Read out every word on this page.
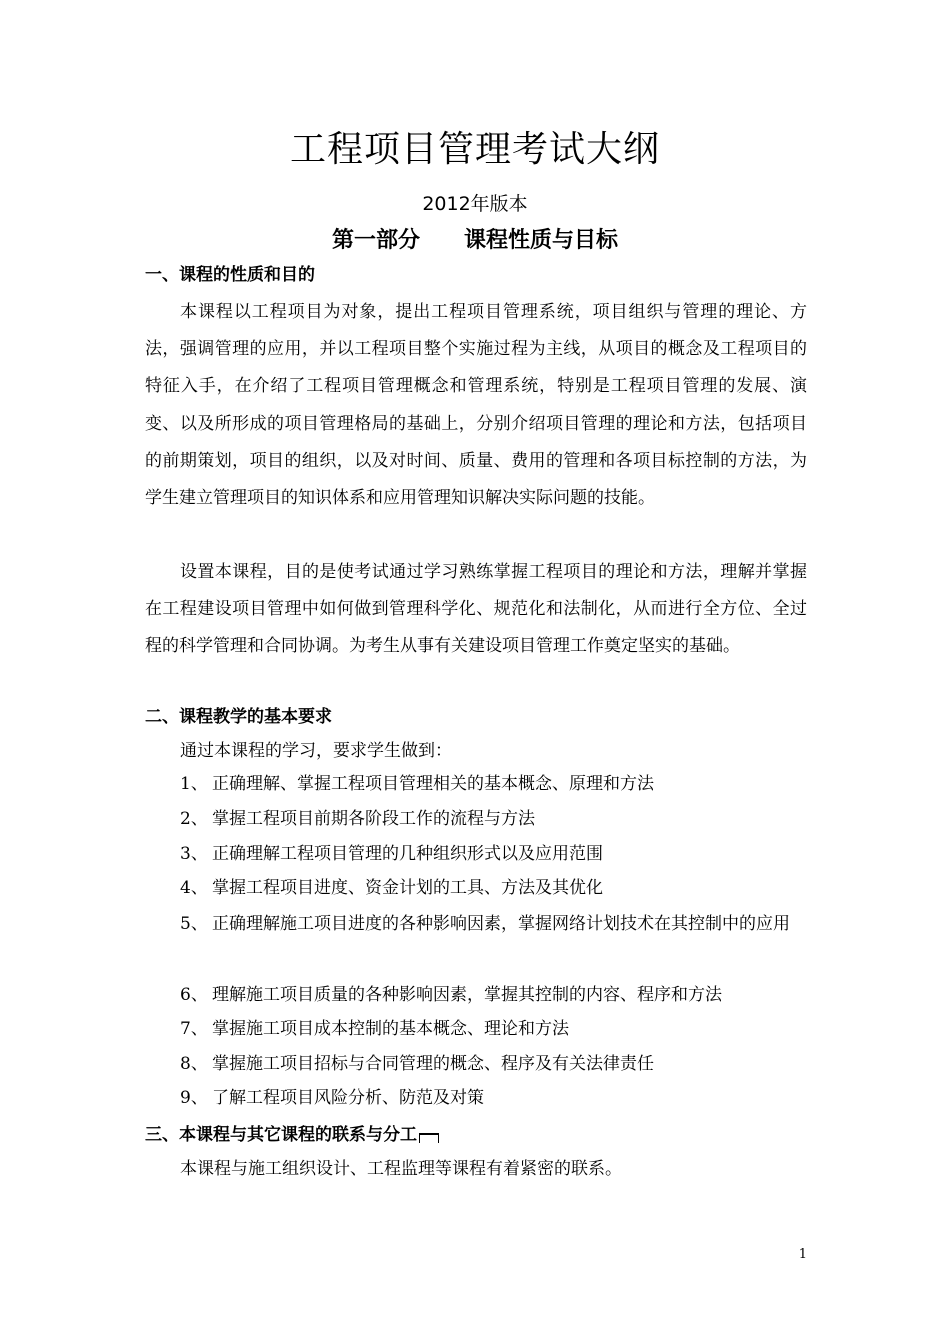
工程项目管理考试大纲
2012年版本
第一部分　　课程性质与目标
一、课程的性质和目的

本课程以工程项目为对象，提出工程项目管理系统，项目组织与管理的理论、方法，强调管理的应用，并以工程项目整个实施过程为主线，从项目的概念及工程项目的特征入手，在介绍了工程项目管理概念和管理系统，特别是工程项目管理的发展、演变、以及所形成的项目管理格局的基础上，分别介绍项目管理的理论和方法，包括项目的前期策划，项目的组织，以及对时间、质量、费用的管理和各项目标控制的方法，为学生建立管理项目的知识体系和应用管理知识解决实际问题的技能。

设置本课程，目的是使考试通过学习熟练掌握工程项目的理论和方法，理解并掌握在工程建设项目管理中如何做到管理科学化、规范化和法制化，从而进行全方位、全过程的科学管理和合同协调。为考生从事有关建设项目管理工作奠定坚实的基础。

二、课程教学的基本要求
通过本课程的学习，要求学生做到：
1、 正确理解、掌握工程项目管理相关的基本概念、原理和方法
2、 掌握工程项目前期各阶段工作的流程与方法
3、 正确理解工程项目管理的几种组织形式以及应用范围
4、 掌握工程项目进度、资金计划的工具、方法及其优化
5、 正确理解施工项目进度的各种影响因素，掌握网络计划技术在其控制中的应用
6、 理解施工项目质量的各种影响因素，掌握其控制的内容、程序和方法
7、 掌握施工项目成本控制的基本概念、理论和方法
8、 掌握施工项目招标与合同管理的概念、程序及有关法律责任
9、 了解工程项目风险分析、防范及对策
三、本课程与其它课程的联系与分工

本课程与施工组织设计、工程监理等课程有着紧密的联系。

1
